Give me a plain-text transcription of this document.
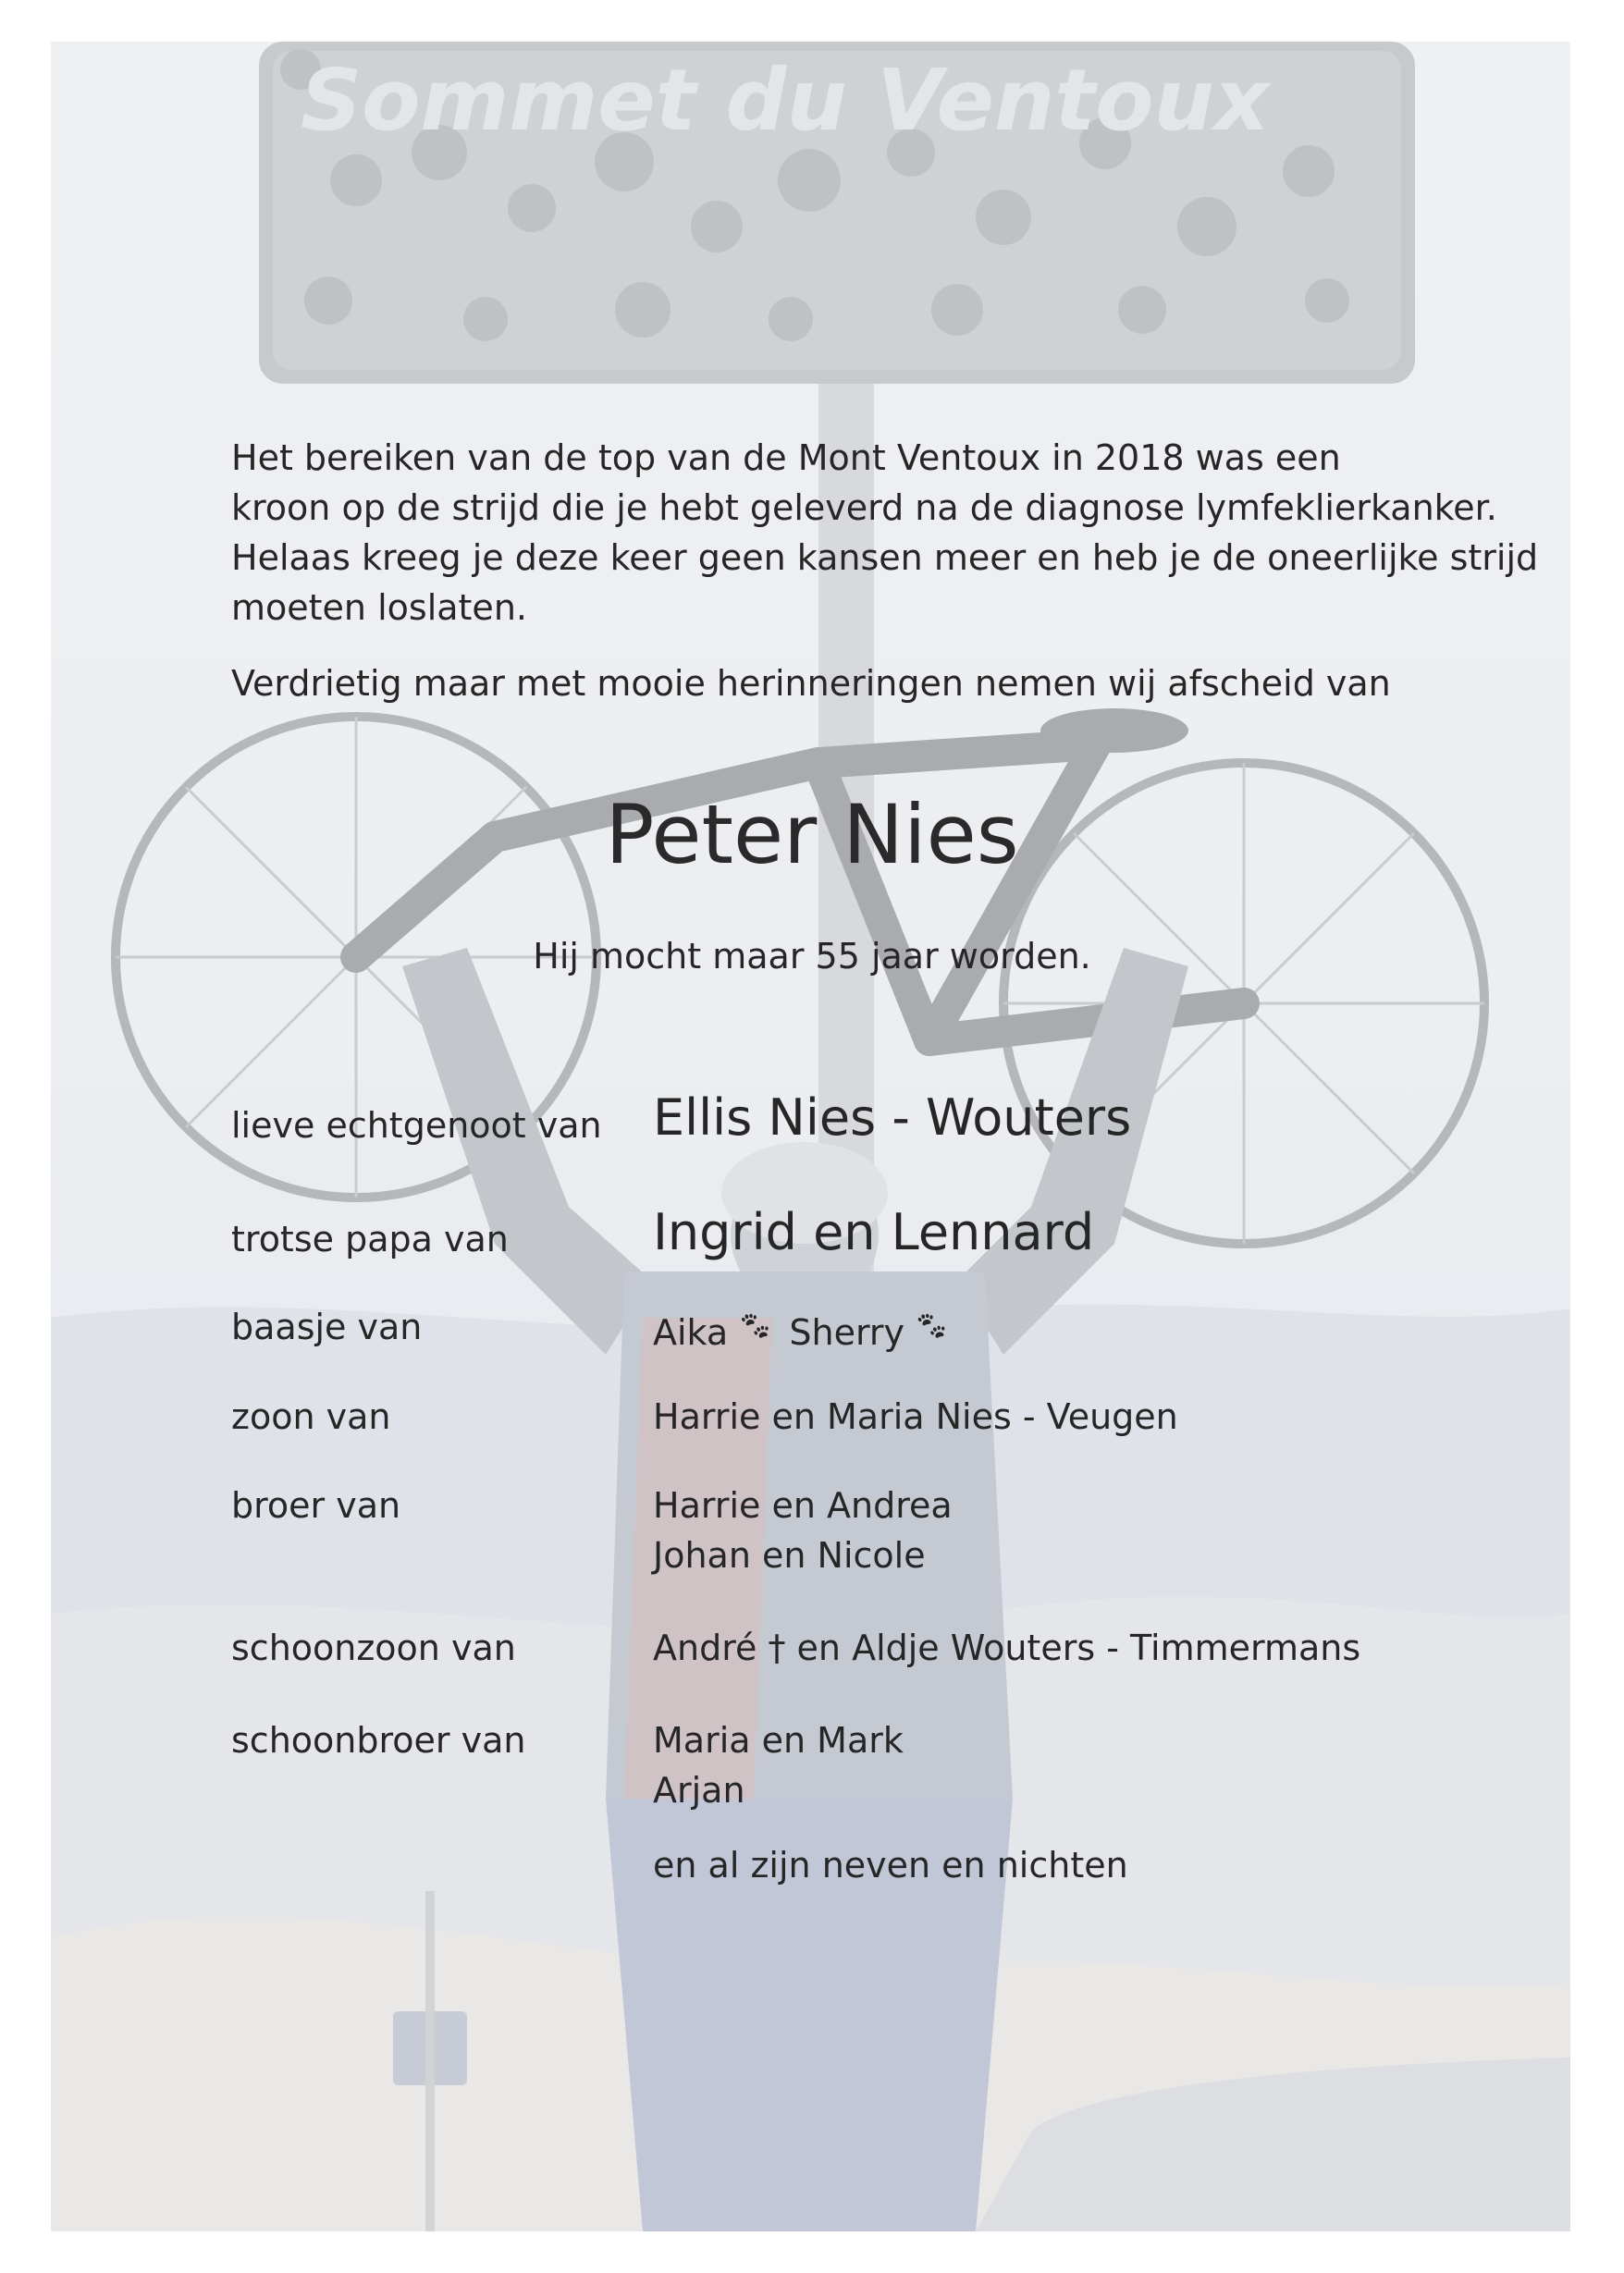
Sommet du Ventoux

Het bereiken van de top van de Mont Ventoux in 2018 was een
kroon op de strijd die je hebt geleverd na de diagnose lymfeklierkanker.
Helaas kreeg je deze keer geen kansen meer en heb je de oneerlijke strijd
moeten loslaten.

Verdrietig maar met mooie herinneringen nemen wij afscheid van

Peter Nies

Hij mocht maar 55 jaar worden.

lieve echtgenoot van Ellis Nies - Wouters
trotse papa van	Ingrid en Lennard
baasje van	Aika 🐾︎ Sherry 🐾︎
zoon van	Harrie en Maria Nies - Veugen
broer van	Harrie en Andrea
Johan en Nicole
schoonzoon van	André † en Aldje Wouters - Timmermans
schoonbroer van	Maria en Mark
Arjan
en al zijn neven en nichten
